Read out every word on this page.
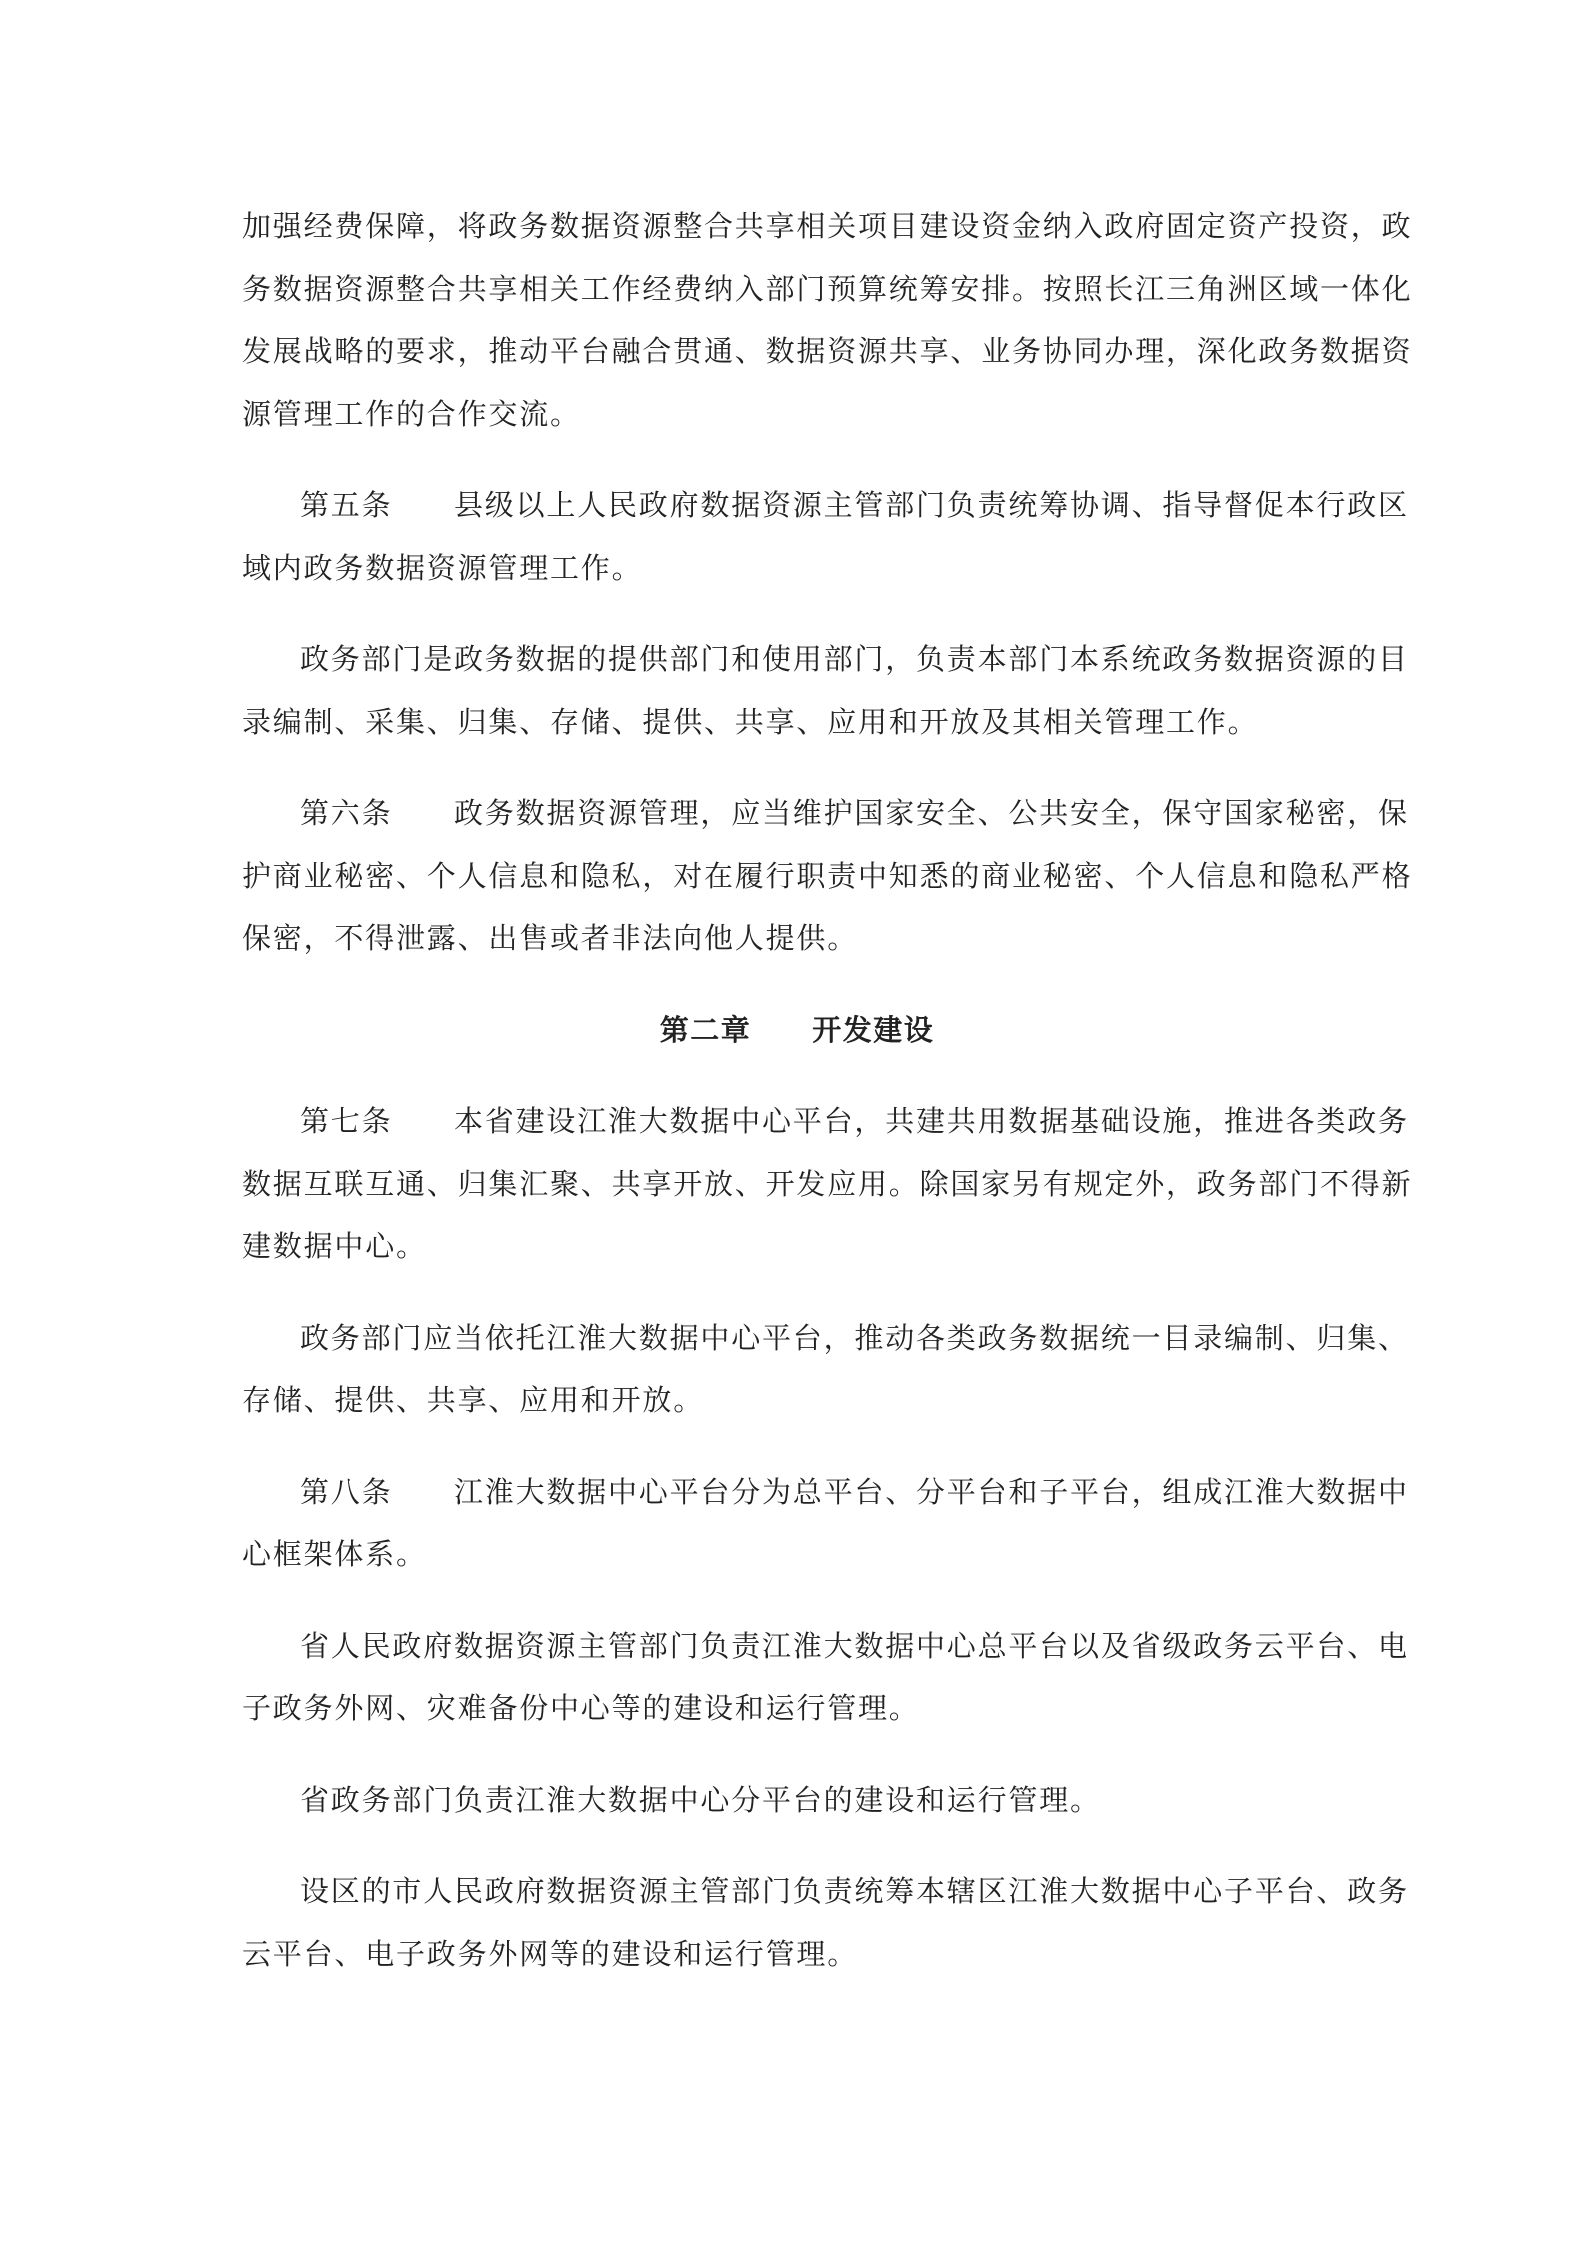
加强经费保障，将政务数据资源整合共享相关项目建设资金纳入政府固定资产投资，政
务数据资源整合共享相关工作经费纳入部门预算统筹安排。按照长江三角洲区域一体化
发展战略的要求，推动平台融合贯通、数据资源共享、业务协同办理，深化政务数据资
源管理工作的合作交流。
第五条　　县级以上人民政府数据资源主管部门负责统筹协调、指导督促本行政区
域内政务数据资源管理工作。
政务部门是政务数据的提供部门和使用部门，负责本部门本系统政务数据资源的目
录编制、采集、归集、存储、提供、共享、应用和开放及其相关管理工作。
第六条　　政务数据资源管理，应当维护国家安全、公共安全，保守国家秘密，保
护商业秘密、个人信息和隐私，对在履行职责中知悉的商业秘密、个人信息和隐私严格
保密，不得泄露、出售或者非法向他人提供。
第二章　　开发建设
第七条　　本省建设江淮大数据中心平台，共建共用数据基础设施，推进各类政务
数据互联互通、归集汇聚、共享开放、开发应用。除国家另有规定外，政务部门不得新
建数据中心。
政务部门应当依托江淮大数据中心平台，推动各类政务数据统一目录编制、归集、
存储、提供、共享、应用和开放。
第八条　　江淮大数据中心平台分为总平台、分平台和子平台，组成江淮大数据中
心框架体系。
省人民政府数据资源主管部门负责江淮大数据中心总平台以及省级政务云平台、电
子政务外网、灾难备份中心等的建设和运行管理。
省政务部门负责江淮大数据中心分平台的建设和运行管理。
设区的市人民政府数据资源主管部门负责统筹本辖区江淮大数据中心子平台、政务
云平台、电子政务外网等的建设和运行管理。
